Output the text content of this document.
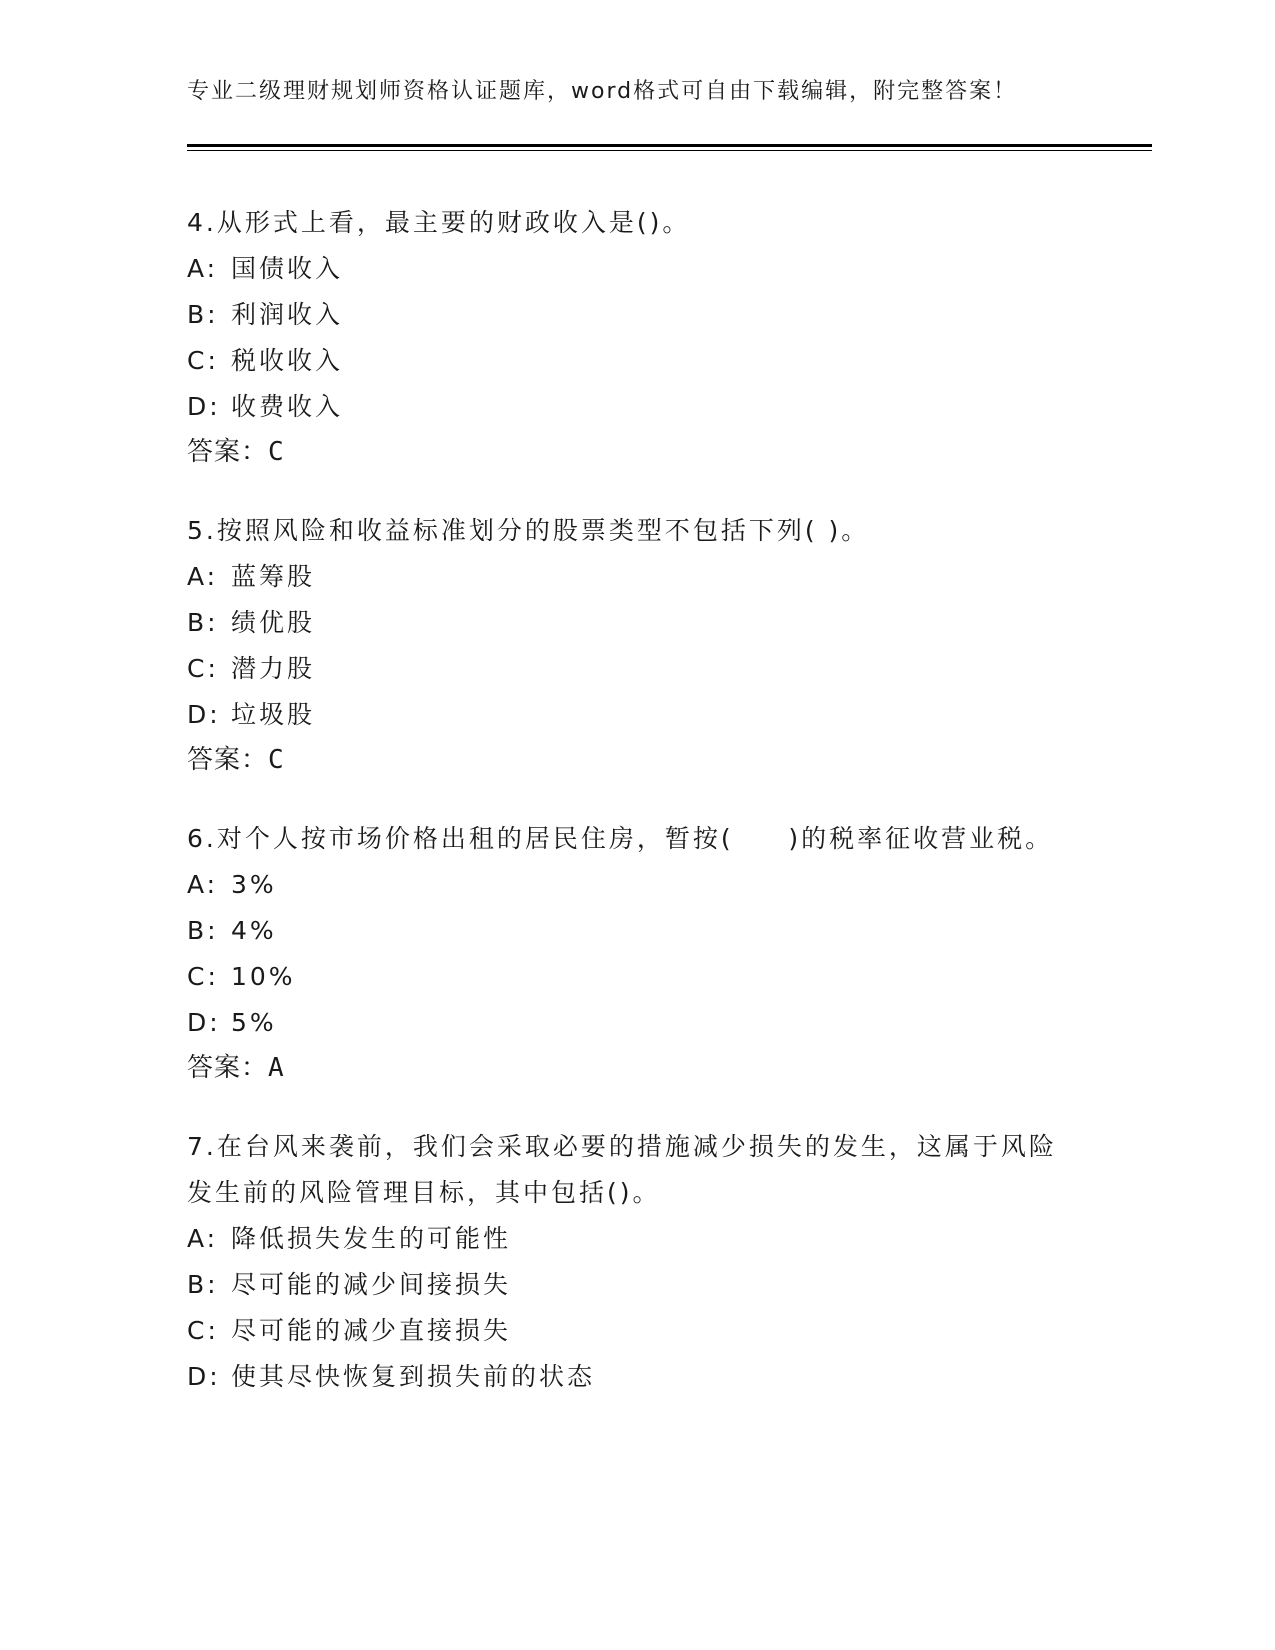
专业二级理财规划师资格认证题库，word格式可自由下载编辑，附完整答案！
4.从形式上看，最主要的财政收入是()。
A: 国债收入
B: 利润收入
C: 税收收入
D: 收费收入
答案：C
5.按照风险和收益标准划分的股票类型不包括下列( )。
A: 蓝筹股
B: 绩优股
C: 潜力股
D: 垃圾股
答案：C
6.对个人按市场价格出租的居民住房，暂按(     )的税率征收营业税。
A: 3%
B: 4%
C: 10%
D: 5%
答案：A
7.在台风来袭前，我们会采取必要的措施减少损失的发生，这属于风险发生前的风险管理目标，其中包括()。
A: 降低损失发生的可能性
B: 尽可能的减少间接损失
C: 尽可能的减少直接损失
D: 使其尽快恢复到损失前的状态
